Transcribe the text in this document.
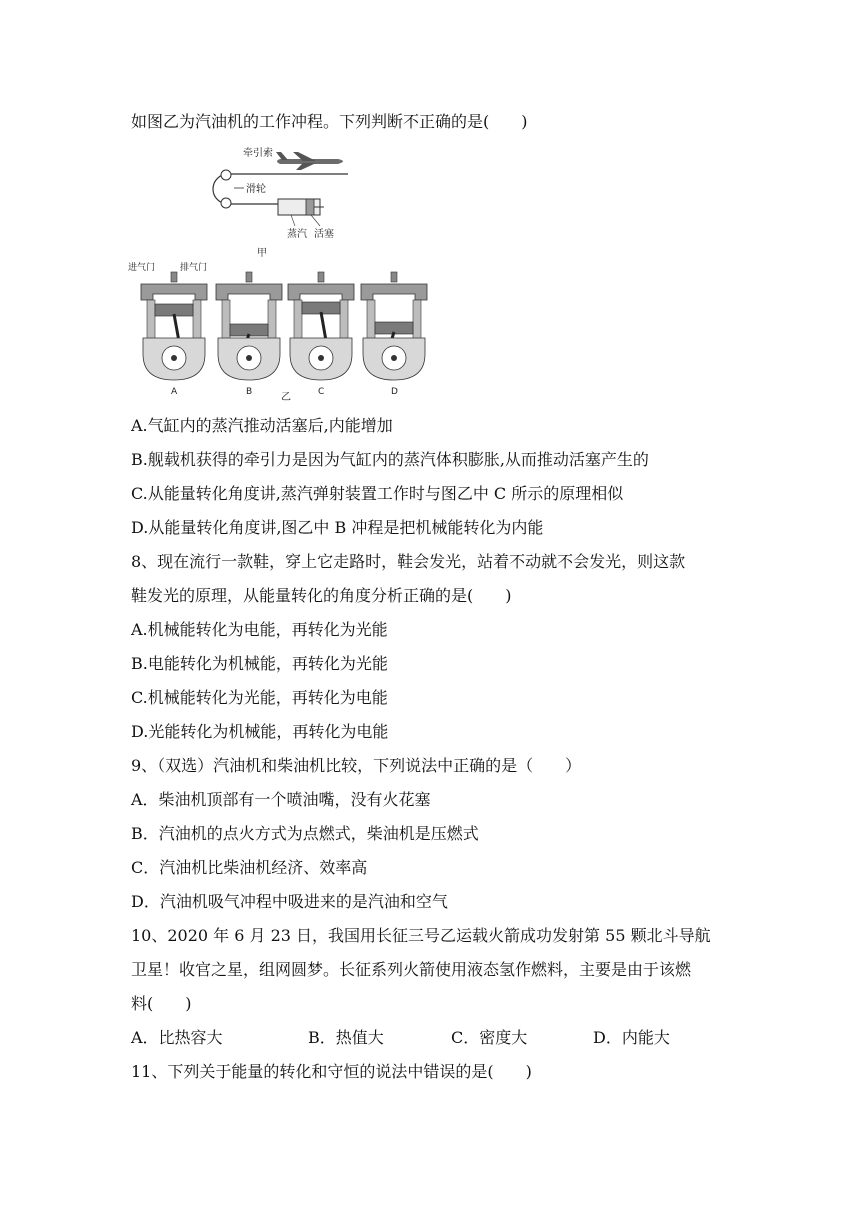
如图乙为汽油机的工作冲程。下列判断不正确的是(　　)
牵引索
滑轮
蒸汽 活塞
甲
进气门	排气门
A	B	C	D
乙
A.气缸内的蒸汽推动活塞后,内能增加
B.舰载机获得的牵引力是因为气缸内的蒸汽体积膨胀,从而推动活塞产生的
C.从能量转化角度讲,蒸汽弹射装置工作时与图乙中 C 所示的原理相似
D.从能量转化角度讲,图乙中 B 冲程是把机械能转化为内能
8、现在流行一款鞋，穿上它走路时，鞋会发光，站着不动就不会发光，则这款
鞋发光的原理，从能量转化的角度分析正确的是(　　)
A.机械能转化为电能，再转化为光能
B.电能转化为机械能，再转化为光能
C.机械能转化为光能，再转化为电能
D.光能转化为机械能，再转化为电能
9、（双选）汽油机和柴油机比较，下列说法中正确的是（　　）
A．柴油机顶部有一个喷油嘴，没有火花塞
B．汽油机的点火方式为点燃式，柴油机是压燃式
C．汽油机比柴油机经济、效率高
D．汽油机吸气冲程中吸进来的是汽油和空气
10、2020 年 6 月 23 日，我国用长征三号乙运载火箭成功发射第 55 颗北斗导航
卫星！收官之星，组网圆梦。长征系列火箭使用液态氢作燃料，主要是由于该燃
料(　　)
A．比热容大	B．热值大	C．密度大	D．内能大
11、下列关于能量的转化和守恒的说法中错误的是(　　)
